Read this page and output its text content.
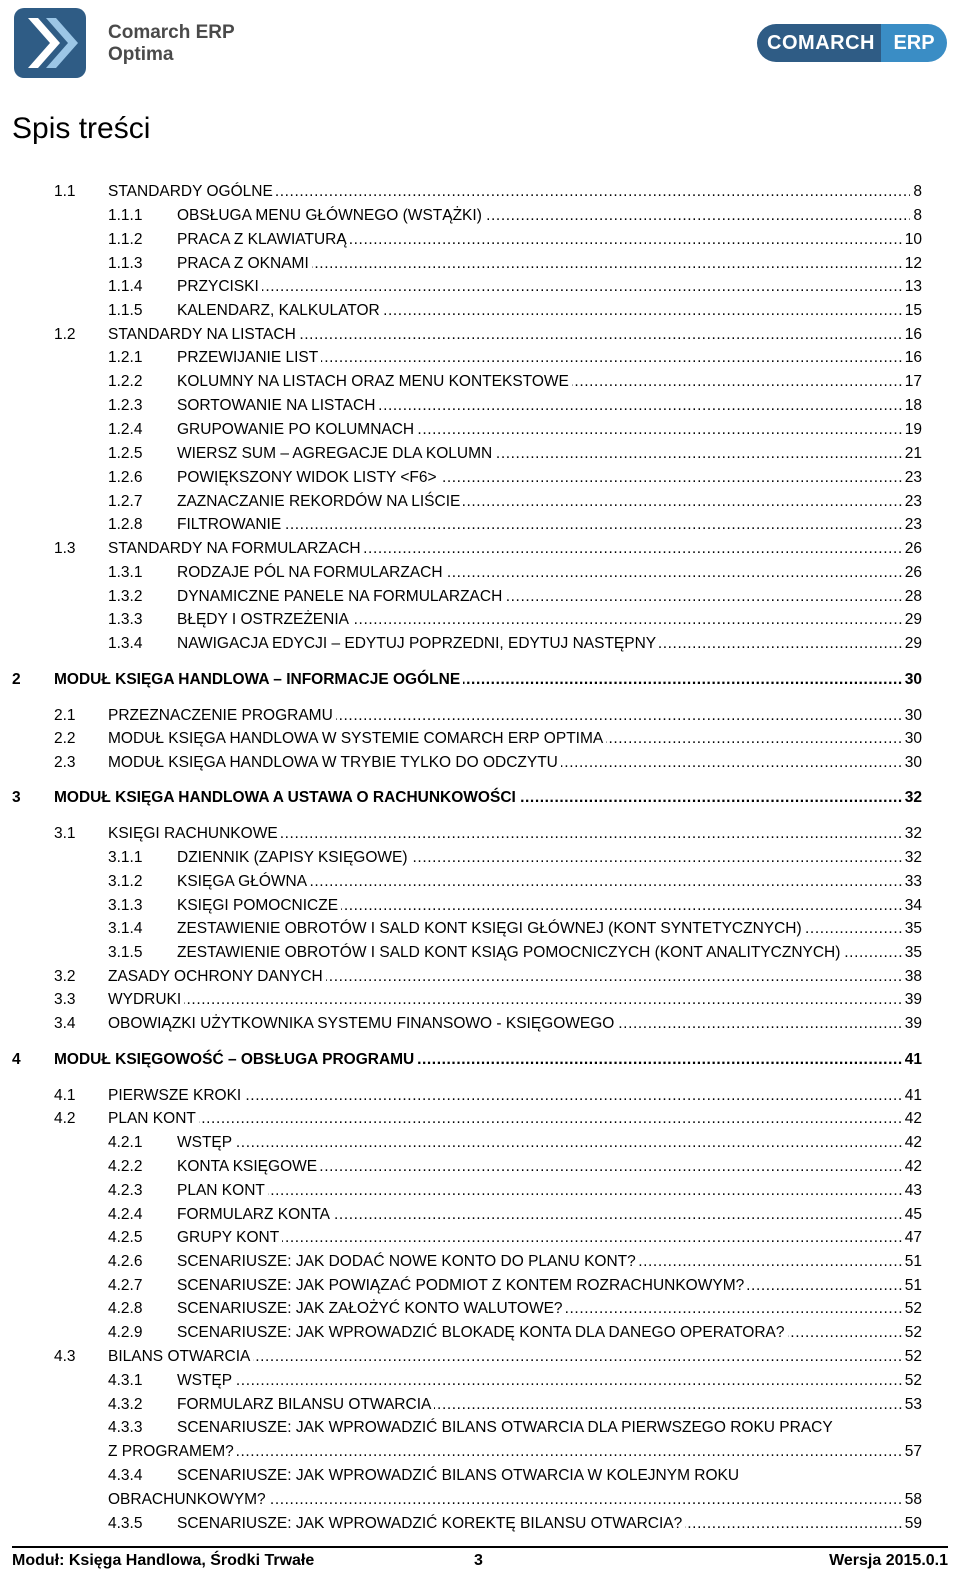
Comarch ERP
Optima
COMARCH ERP
Spis treści
.....
1.1 STANDARDY OGÓLNE	8
.....
1.1.1 OBSŁUGA MENU GŁÓWNEGO (WSTĄŻKI)	8
.....
1.1.2 PRACA Z KLAWIATURĄ	10
.....
1.1.3 PRACA Z OKNAMI	12
.....
1.1.4 PRZYCISKI	13
.....
1.1.5 KALENDARZ, KALKULATOR	15
.....
1.2 STANDARDY NA LISTACH	16
.....
1.2.1 PRZEWIJANIE LIST	16
.....
1.2.2 KOLUMNY NA LISTACH ORAZ MENU KONTEKSTOWE	17
.....
1.2.3 SORTOWANIE NA LISTACH	18
.....
1.2.4 GRUPOWANIE PO KOLUMNACH	19
.....
1.2.5 WIERSZ SUM – AGREGACJE DLA KOLUMN	21
.....
1.2.6 POWIĘKSZONY WIDOK LISTY <F6>	23
.....
1.2.7 ZAZNACZANIE REKORDÓW NA LIŚCIE	23
.....
1.2.8 FILTROWANIE	23
.....
1.3 STANDARDY NA FORMULARZACH	26
.....
1.3.1 RODZAJE PÓL NA FORMULARZACH	26
.....
1.3.2 DYNAMICZNE PANELE NA FORMULARZACH	28
.....
1.3.3 BŁĘDY I OSTRZEŻENIA	29
.....
1.3.4 NAWIGACJA EDYCJI – EDYTUJ POPRZEDNI, EDYTUJ NASTĘPNY	29
.....
2 MODUŁ KSIĘGA HANDLOWA – INFORMACJE OGÓLNE	30
.....
2.1 PRZEZNACZENIE PROGRAMU	30
.....
2.2 MODUŁ KSIĘGA HANDLOWA W SYSTEMIE COMARCH ERP OPTIMA	30
.....
2.3 MODUŁ KSIĘGA HANDLOWA W TRYBIE TYLKO DO ODCZYTU	30
.....
3 MODUŁ KSIĘGA HANDLOWA A USTAWA O RACHUNKOWOŚCI	32
.....
3.1 KSIĘGI RACHUNKOWE	32
.....
3.1.1 DZIENNIK (ZAPISY KSIĘGOWE)	32
.....
3.1.2 KSIĘGA GŁÓWNA	33
.....
3.1.3 KSIĘGI POMOCNICZE	34
.....
3.1.4 ZESTAWIENIE OBROTÓW I SALD KONT KSIĘGI GŁÓWNEJ (KONT SYNTETYCZNYCH)	35
.....
3.1.5 ZESTAWIENIE OBROTÓW I SALD KONT KSIĄG POMOCNICZYCH (KONT ANALITYCZNYCH)	35
.....
3.2 ZASADY OCHRONY DANYCH	38
.....
3.3 WYDRUKI	39
.....
3.4 OBOWIĄZKI UŻYTKOWNIKA SYSTEMU FINANSOWO - KSIĘGOWEGO	39
.....
4 MODUŁ KSIĘGOWOŚĆ – OBSŁUGA PROGRAMU	41
.....
4.1 PIERWSZE KROKI	41
.....
4.2 PLAN KONT	42
.....
4.2.1 WSTĘP	42
.....
4.2.2 KONTA KSIĘGOWE	42
.....
4.2.3 PLAN KONT	43
.....
4.2.4 FORMULARZ KONTA	45
.....
4.2.5 GRUPY KONT	47
.....
4.2.6 SCENARIUSZE: JAK DODAĆ NOWE KONTO DO PLANU KONT?	51
.....
4.2.7 SCENARIUSZE: JAK POWIĄZAĆ PODMIOT Z KONTEM ROZRACHUNKOWYM?	51
.....
4.2.8 SCENARIUSZE: JAK ZAŁOŻYĆ KONTO WALUTOWE?	52
.....
4.2.9 SCENARIUSZE: JAK WPROWADZIĆ BLOKADĘ KONTA DLA DANEGO OPERATORA?	52
.....
4.3 BILANS OTWARCIA	52
.....
4.3.1 WSTĘP	52
.....
4.3.2 FORMULARZ BILANSU OTWARCIA	53
.....
4.3.3 SCENARIUSZE: JAK WPROWADZIĆ BILANS OTWARCIA DLA PIERWSZEGO ROKU PRACY
Z PROGRAMEM?	57
.....
4.3.4 SCENARIUSZE: JAK WPROWADZIĆ BILANS OTWARCIA W KOLEJNYM ROKU
OBRACHUNKOWYM?	58
.....
4.3.5 SCENARIUSZE: JAK WPROWADZIĆ KOREKTĘ BILANSU OTWARCIA?	59
Moduł: Księga Handlowa, Środki Trwałe	3	Wersja 2015.0.1
